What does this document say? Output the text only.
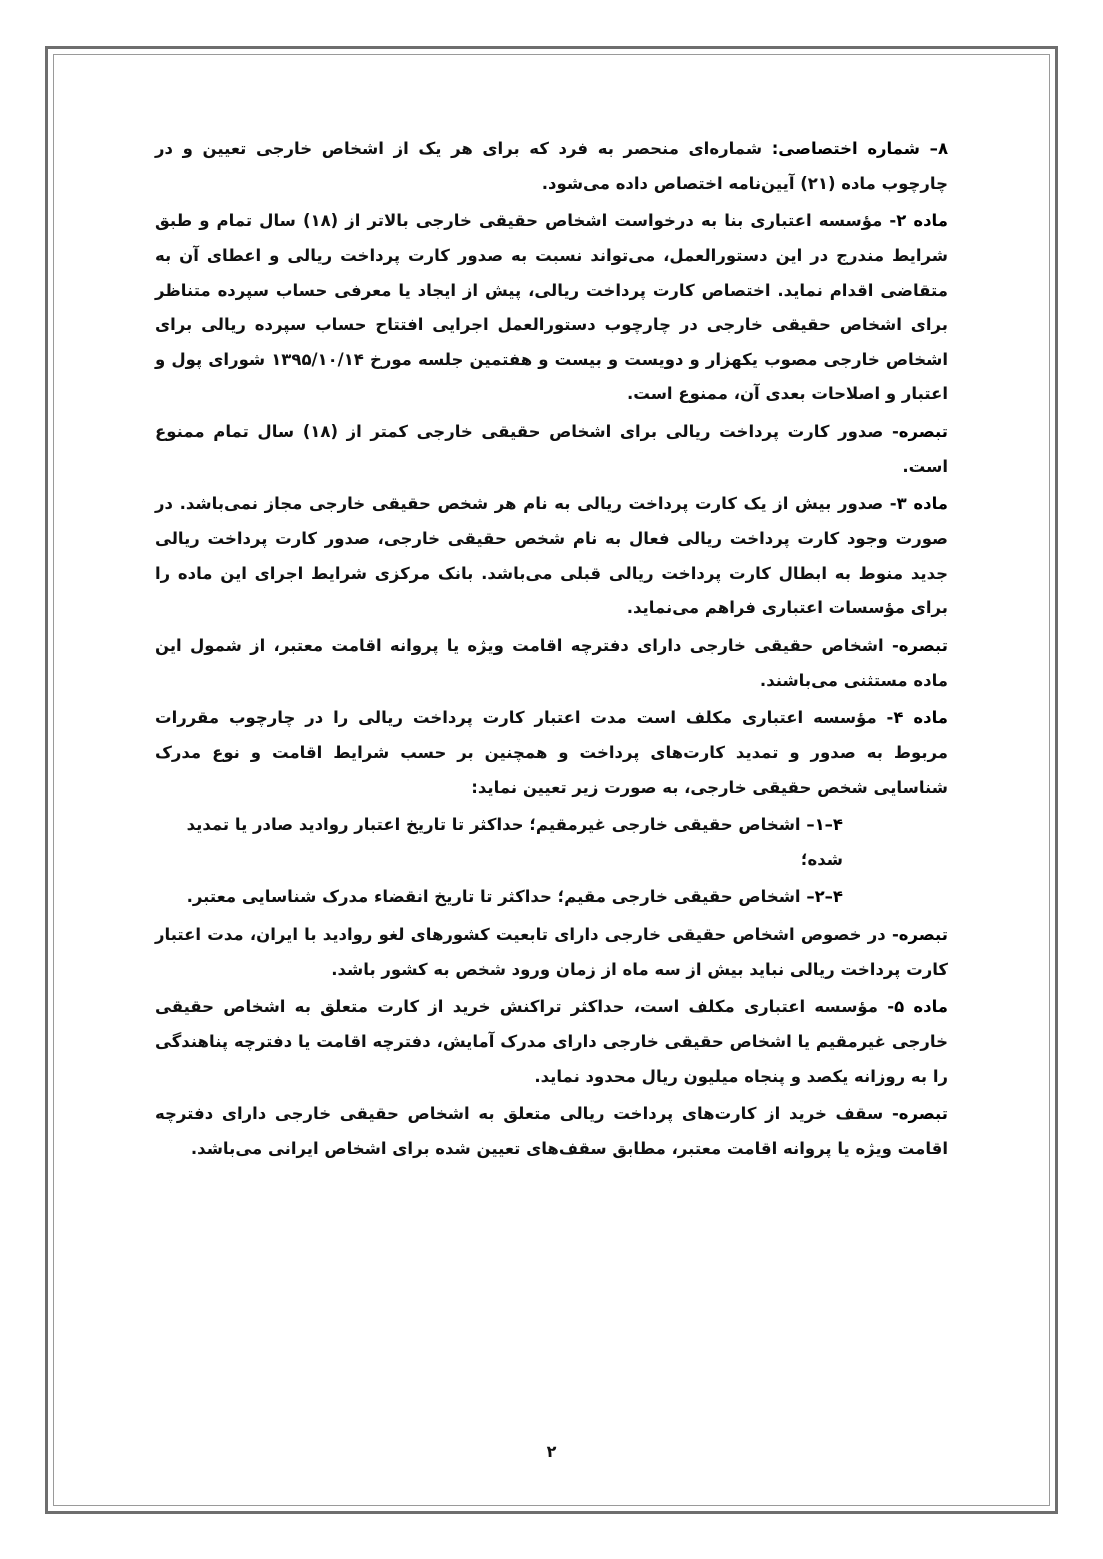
۸– شماره اختصاصی: شماره‌ای منحصر به فرد که برای هر یک از اشخاص خارجی تعیین و در چارچوب ماده (۲۱) آیین‌نامه اختصاص داده می‌شود.

ماده ۲- مؤسسه اعتباری بنا به درخواست اشخاص حقیقی خارجی بالاتر از (۱۸) سال تمام و طبق شرایط مندرج در این دستورالعمل، می‌تواند نسبت به صدور کارت پرداخت ریالی و اعطای آن به متقاضی اقدام نماید. اختصاص کارت پرداخت ریالی، پیش از ایجاد یا معرفی حساب سپرده متناظر برای اشخاص حقیقی خارجی در چارچوب دستورالعمل اجرایی افتتاح حساب سپرده ریالی برای اشخاص خارجی مصوب یکهزار و دویست و بیست و هفتمین جلسه مورخ ۱۳۹۵/۱۰/۱۴ شورای پول و اعتبار و اصلاحات بعدی آن، ممنوع است.

تبصره- صدور کارت پرداخت ریالی برای اشخاص حقیقی خارجی کمتر از (۱۸) سال تمام ممنوع است.

ماده ۳- صدور بیش از یک کارت پرداخت ریالی به نام هر شخص حقیقی خارجی مجاز نمی‌باشد. در صورت وجود کارت پرداخت ریالی فعال به نام شخص حقیقی خارجی، صدور کارت پرداخت ریالی جدید منوط به ابطال کارت پرداخت ریالی قبلی می‌باشد. بانک مرکزی شرایط اجرای این ماده را برای مؤسسات اعتباری فراهم می‌نماید.

تبصره- اشخاص حقیقی خارجی دارای دفترچه اقامت ویژه یا پروانه اقامت معتبر، از شمول این ماده مستثنی می‌باشند.

ماده ۴- مؤسسه اعتباری مکلف است مدت اعتبار کارت پرداخت ریالی را در چارچوب مقررات مربوط به صدور و تمدید کارت‌های پرداخت و همچنین بر حسب شرایط اقامت و نوع مدرک شناسایی شخص حقیقی خارجی، به صورت زیر تعیین نماید:

۴–۱– اشخاص حقیقی خارجی غیرمقیم؛ حداکثر تا تاریخ اعتبار روادید صادر یا تمدید شده؛

۴–۲– اشخاص حقیقی خارجی مقیم؛ حداکثر تا تاریخ انقضاء مدرک شناسایی معتبر.

تبصره- در خصوص اشخاص حقیقی خارجی دارای تابعیت کشورهای لغو روادید با ایران، مدت اعتبار کارت پرداخت ریالی نباید بیش از سه ماه از زمان ورود شخص به کشور باشد.

ماده ۵- مؤسسه اعتباری مکلف است، حداکثر تراکنش خرید از کارت متعلق به اشخاص حقیقی خارجی غیرمقیم یا اشخاص حقیقی خارجی دارای مدرک آمایش، دفترچه اقامت یا دفترچه پناهندگی را به روزانه یکصد و پنجاه میلیون ریال محدود نماید.

تبصره- سقف خرید از کارت‌های پرداخت ریالی متعلق به اشخاص حقیقی خارجی دارای دفترچه اقامت ویژه یا پروانه اقامت معتبر، مطابق سقف‌های تعیین شده برای اشخاص ایرانی می‌باشد.

۲
